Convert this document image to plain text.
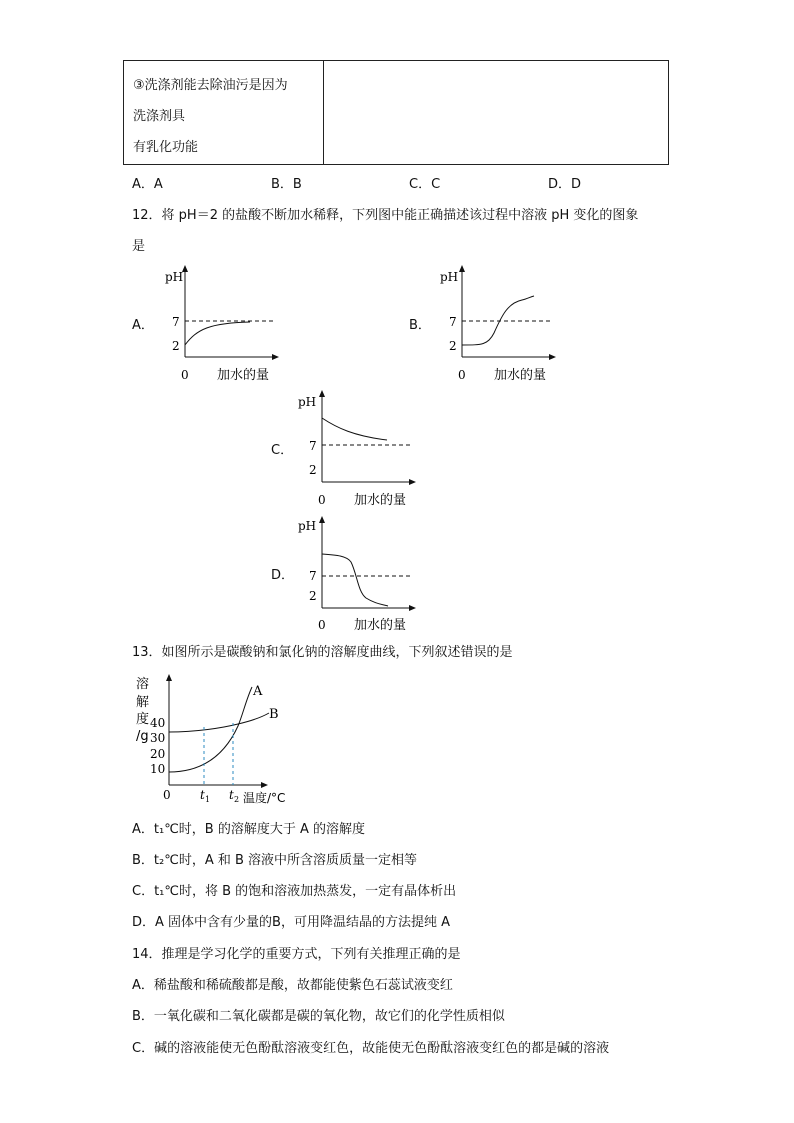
③洗涤剂能去除油污是因为
洗涤剂具
有乳化功能

A．A	B．B	C．C	D．D
12．将 pH＝2 的盐酸不断加水稀释，下列图中能正确描述该过程中溶液 pH 变化的图象
是
A．
pH
7
2
0 加水的量
B．
pH
7
2
0 加水的量
C．
pH
7
2
0 加水的量
D．
pH
7
2
0 加水的量
13．如图所示是碳酸钠和氯化钠的溶解度曲线，下列叙述错误的是
溶
解
度
/g
40
30
20
10
0 t 1 t 2 温度/°C
A
B
A．t₁℃时，B 的溶解度大于 A 的溶解度
B．t₂℃时，A 和 B 溶液中所含溶质质量一定相等
C．t₁℃时，将 B 的饱和溶液加热蒸发，一定有晶体析出
D．A 固体中含有少量的B，可用降温结晶的方法提纯 A
14．推理是学习化学的重要方式，下列有关推理正确的是
A．稀盐酸和稀硫酸都是酸，故都能使紫色石蕊试液变红
B．一氧化碳和二氧化碳都是碳的氧化物，故它们的化学性质相似
C．碱的溶液能使无色酚酞溶液变红色，故能使无色酚酞溶液变红色的都是碱的溶液
